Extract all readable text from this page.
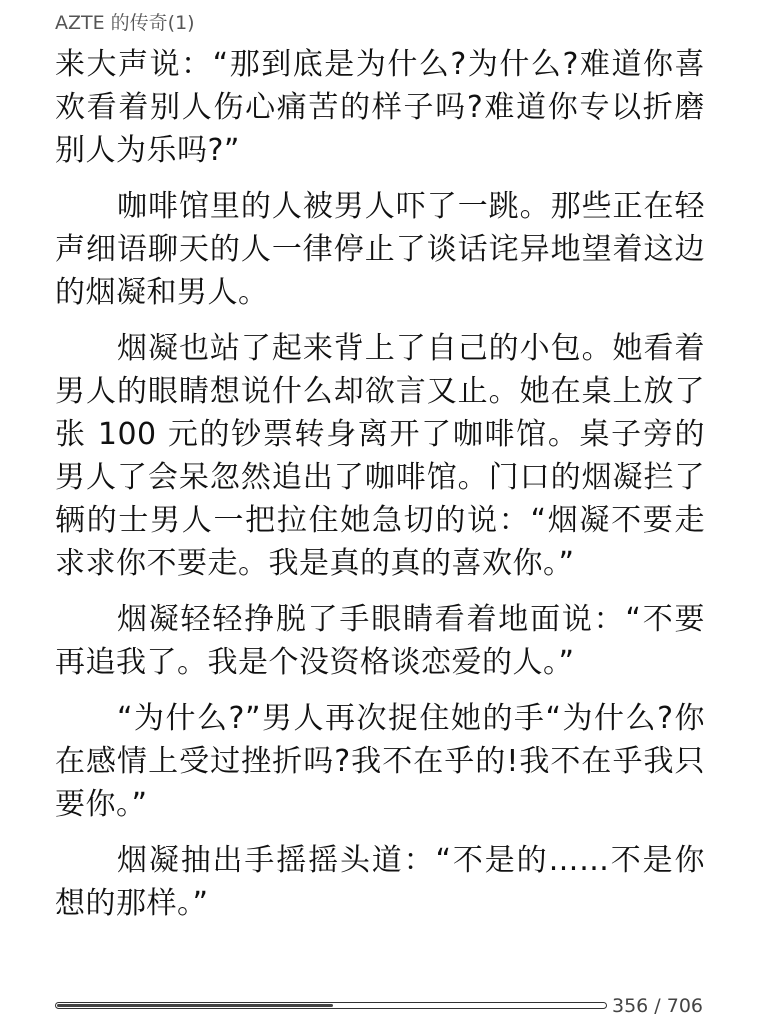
AZTE 的传奇(1)

来大声说：“那到底是为什么?为什么?难道你喜欢看着别人伤心痛苦的样子吗?难道你专以折磨别人为乐吗?”

咖啡馆里的人被男人吓了一跳。那些正在轻声细语聊天的人一律停止了谈话诧异地望着这边的烟凝和男人。

烟凝也站了起来背上了自己的小包。她看着男人的眼睛想说什么却欲言又止。她在桌上放了张 100 元的钞票转身离开了咖啡馆。桌子旁的男人了会呆忽然追出了咖啡馆。门口的烟凝拦了辆的士男人一把拉住她急切的说：“烟凝不要走求求你不要走。我是真的真的喜欢你。”

烟凝轻轻挣脱了手眼睛看着地面说：“不要再追我了。我是个没资格谈恋爱的人。”

“为什么?”男人再次捉住她的手“为什么?你在感情上受过挫折吗?我不在乎的!我不在乎我只要你。”

烟凝抽出手摇摇头道：“不是的……不是你想的那样。”

356 / 706
